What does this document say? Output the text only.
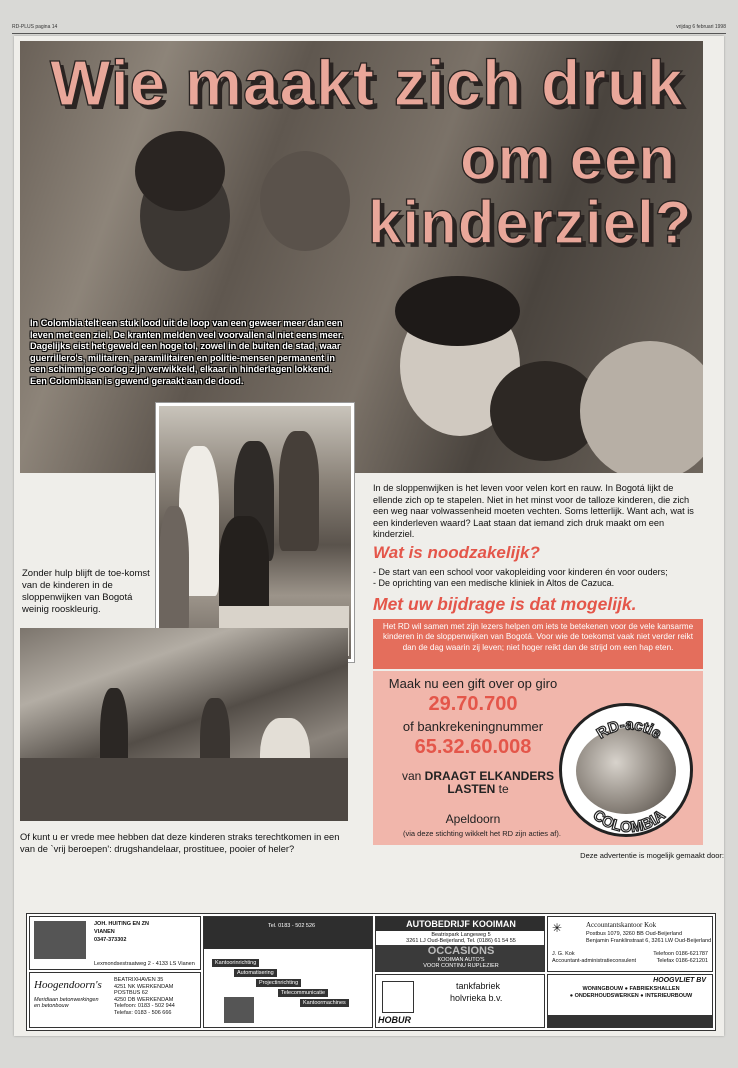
RD-PLUS pagina 14	vrijdag 6 februari 1998
Wie maakt zich druk
om een
kinderziel?
In Colombia telt een stuk lood uit de loop van een geweer meer dan een leven met een ziel. De kranten melden veel voorvallen al niet eens meer. Dagelijks eist het geweld een hoge tol, zowel in de buiten de stad, waar guerrillero's, militairen, paramilitairen en politie-mensen permanent in een schimmige oorlog zijn verwikkeld, elkaar in hinderlagen lokkend. Een Colombiaan is gewend geraakt aan de dood.
Zonder hulp blijft de toe-komst van de kinderen in de sloppenwijken van Bogotá weinig rooskleurig.
Of kunt u er vrede mee hebben dat deze kinderen straks terechtkomen in een van de `vrij beroepen': drugshandelaar, prostituee, pooier of heler?
In de sloppenwijken is het leven voor velen kort en rauw. In Bogotá lijkt de ellende zich op te stapelen. Niet in het minst voor de talloze kinderen, die zich een weg naar volwassenheid moeten vechten. Soms letterlijk. Want ach, wat is een kinderleven waard? Laat staan dat iemand zich druk maakt om een kinderziel.
Wat is noodzakelijk?
- De start van een school voor vakopleiding voor kinderen én voor ouders;
- De oprichting van een medische kliniek in Altos de Cazuca.
Met uw bijdrage is dat mogelijk.
Het RD wil samen met zijn lezers helpen om iets te betekenen voor de vele kansarme kinderen in de sloppenwijken van Bogotá. Voor wie de toekomst vaak niet verder reikt dan de dag waarin zij leven; niet hoger reikt dan de strijd om een hap eten.
Maak nu een gift over op giro
29.70.700
of bankrekeningnummer
65.32.60.008
van DRAAGT ELKANDERS LASTEN te
Apeldoorn
(via deze stichting wikkelt het RD zijn acties af).
RD-actie
COLOMBIA
Deze advertentie is mogelijk gemaakt door:
JOH. HUITING EN ZN
VIANEN
0347-373302
Lexmondsestraatweg 2 - 4133 LS Vianen
Hoogendoorn's
Meridiaan betonwerkingen en betonbouw
BEATRIXHAVEN 35
4251 NK WERKENDAM
POSTBUS 62
4250 DB WERKENDAM
Telefoon: 0183 - 502 944
Telefax: 0183 - 506 666
Tel. 0183 - 502 526
Kantoorinrichting
Automatisering
Projectinrichting
Telecommunicatie
Kantoormachines
AUTOBEDRIJF KOOIMAN
Beatrixpark Langeweg 5
3261 LJ Oud-Beijerland, Tel. (0186) 61 54 55
OCCASIONS
KOOIMAN AUTO'S
VOOR CONTINU RIJPLEZIER
HOBUR
tankfabriek
holvrieka b.v.
✳	Accountantskantoor Kok
Postbus 1079, 3260 BB Oud-Beijerland
Benjamin Franklinstraat 6, 3261 LW Oud-Beijerland
J. G. Kok
Accountant-administratieconsulent
Telefoon 0186-621787
Telefax 0186-621201
HOOGVLIET BV
WONINGBOUW ● FABRIEKSHALLEN
● ONDERHOUDSWERKEN ● INTERIEURBOUW
